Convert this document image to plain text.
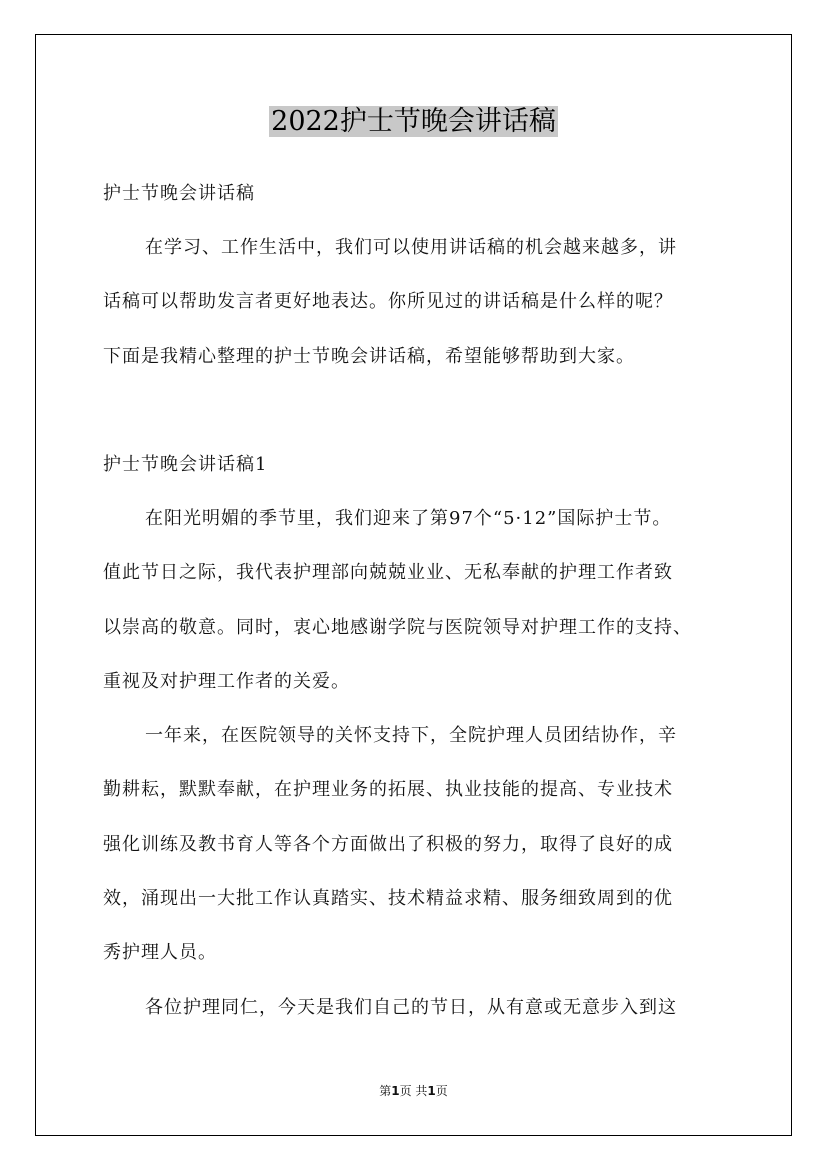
2022护士节晚会讲话稿
护士节晚会讲话稿
在学习、工作生活中，我们可以使用讲话稿的机会越来越多，讲
话稿可以帮助发言者更好地表达。你所见过的讲话稿是什么样的呢？
下面是我精心整理的护士节晚会讲话稿，希望能够帮助到大家。
护士节晚会讲话稿1
在阳光明媚的季节里，我们迎来了第97个“5·12”国际护士节。
值此节日之际，我代表护理部向兢兢业业、无私奉献的护理工作者致
以崇高的敬意。同时，衷心地感谢学院与医院领导对护理工作的支持、
重视及对护理工作者的关爱。
一年来，在医院领导的关怀支持下，全院护理人员团结协作，辛
勤耕耘，默默奉献，在护理业务的拓展、执业技能的提高、专业技术
强化训练及教书育人等各个方面做出了积极的努力，取得了良好的成
效，涌现出一大批工作认真踏实、技术精益求精、服务细致周到的优
秀护理人员。
各位护理同仁，今天是我们自己的节日，从有意或无意步入到这
第1页 共1页
